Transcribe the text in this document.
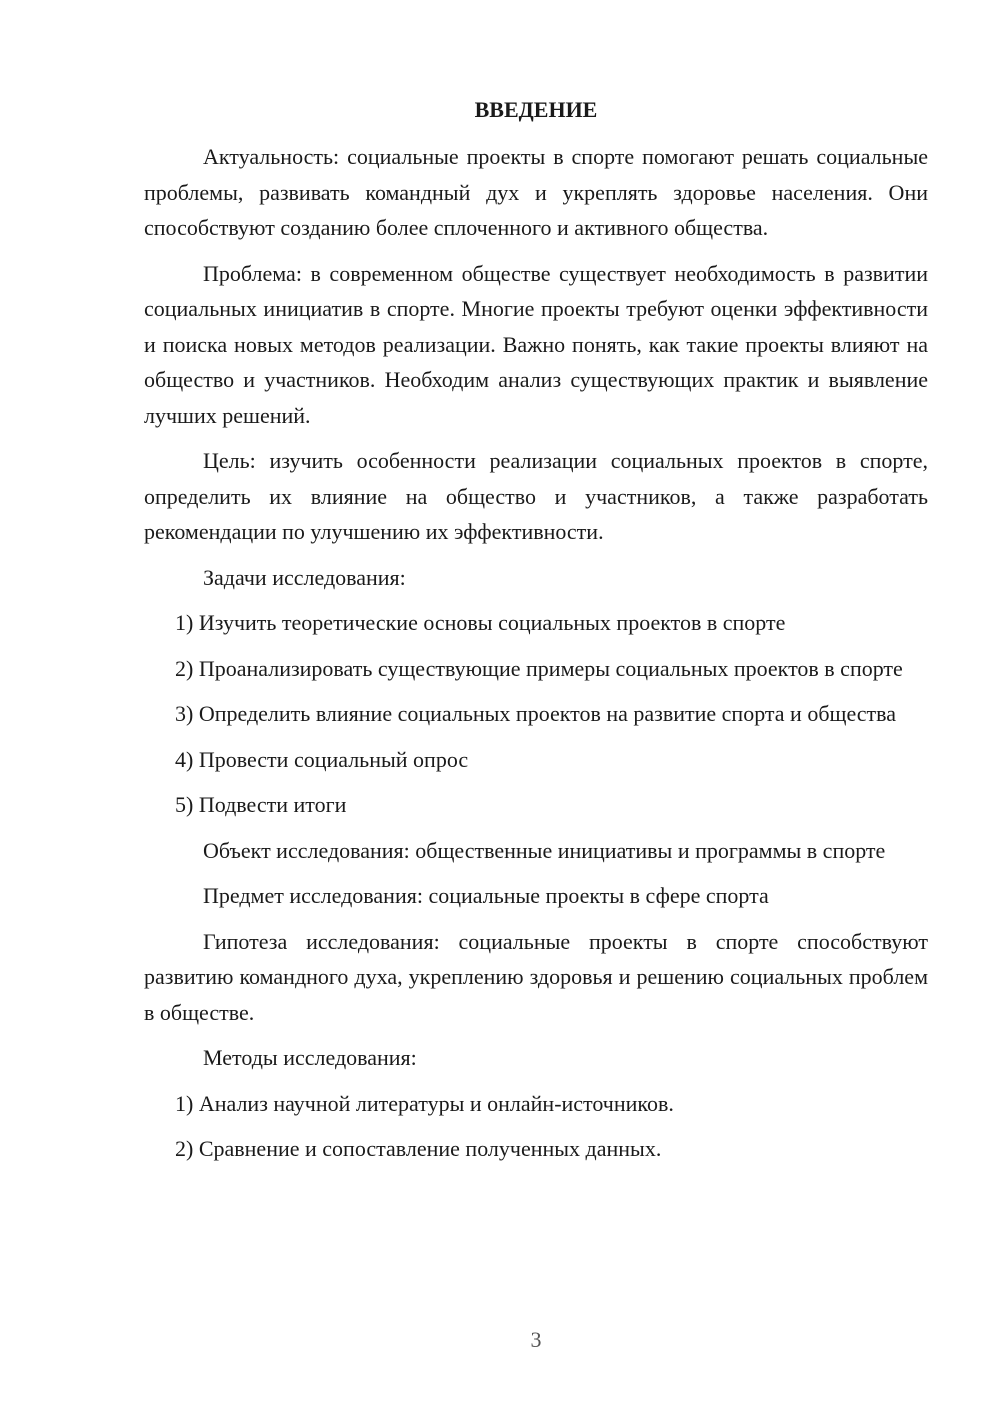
ВВЕДЕНИЕ

Актуальность: социальные проекты в спорте помогают решать социальные проблемы, развивать командный дух и укреплять здоровье населения. Они способствуют созданию более сплоченного и активного общества.

Проблема: в современном обществе существует необходимость в развитии социальных инициатив в спорте. Многие проекты требуют оценки эффективности и поиска новых методов реализации. Важно понять, как такие проекты влияют на общество и участников. Необходим анализ существующих практик и выявление лучших решений.

Цель: изучить особенности реализации социальных проектов в спорте, определить их влияние на общество и участников, а также разработать рекомендации по улучшению их эффективности.

Задачи исследования:

1) Изучить теоретические основы социальных проектов в спорте

2) Проанализировать существующие примеры социальных проектов в спорте

3) Определить влияние социальных проектов на развитие спорта и общества

4) Провести социальный опрос

5) Подвести итоги

Объект исследования: общественные инициативы и программы в спорте

Предмет исследования: социальные проекты в сфере спорта

Гипотеза исследования: социальные проекты в спорте способствуют развитию командного духа, укреплению здоровья и решению социальных проблем в обществе.

Методы исследования:

1) Анализ научной литературы и онлайн-источников.

2) Сравнение и сопоставление полученных данных.

3
